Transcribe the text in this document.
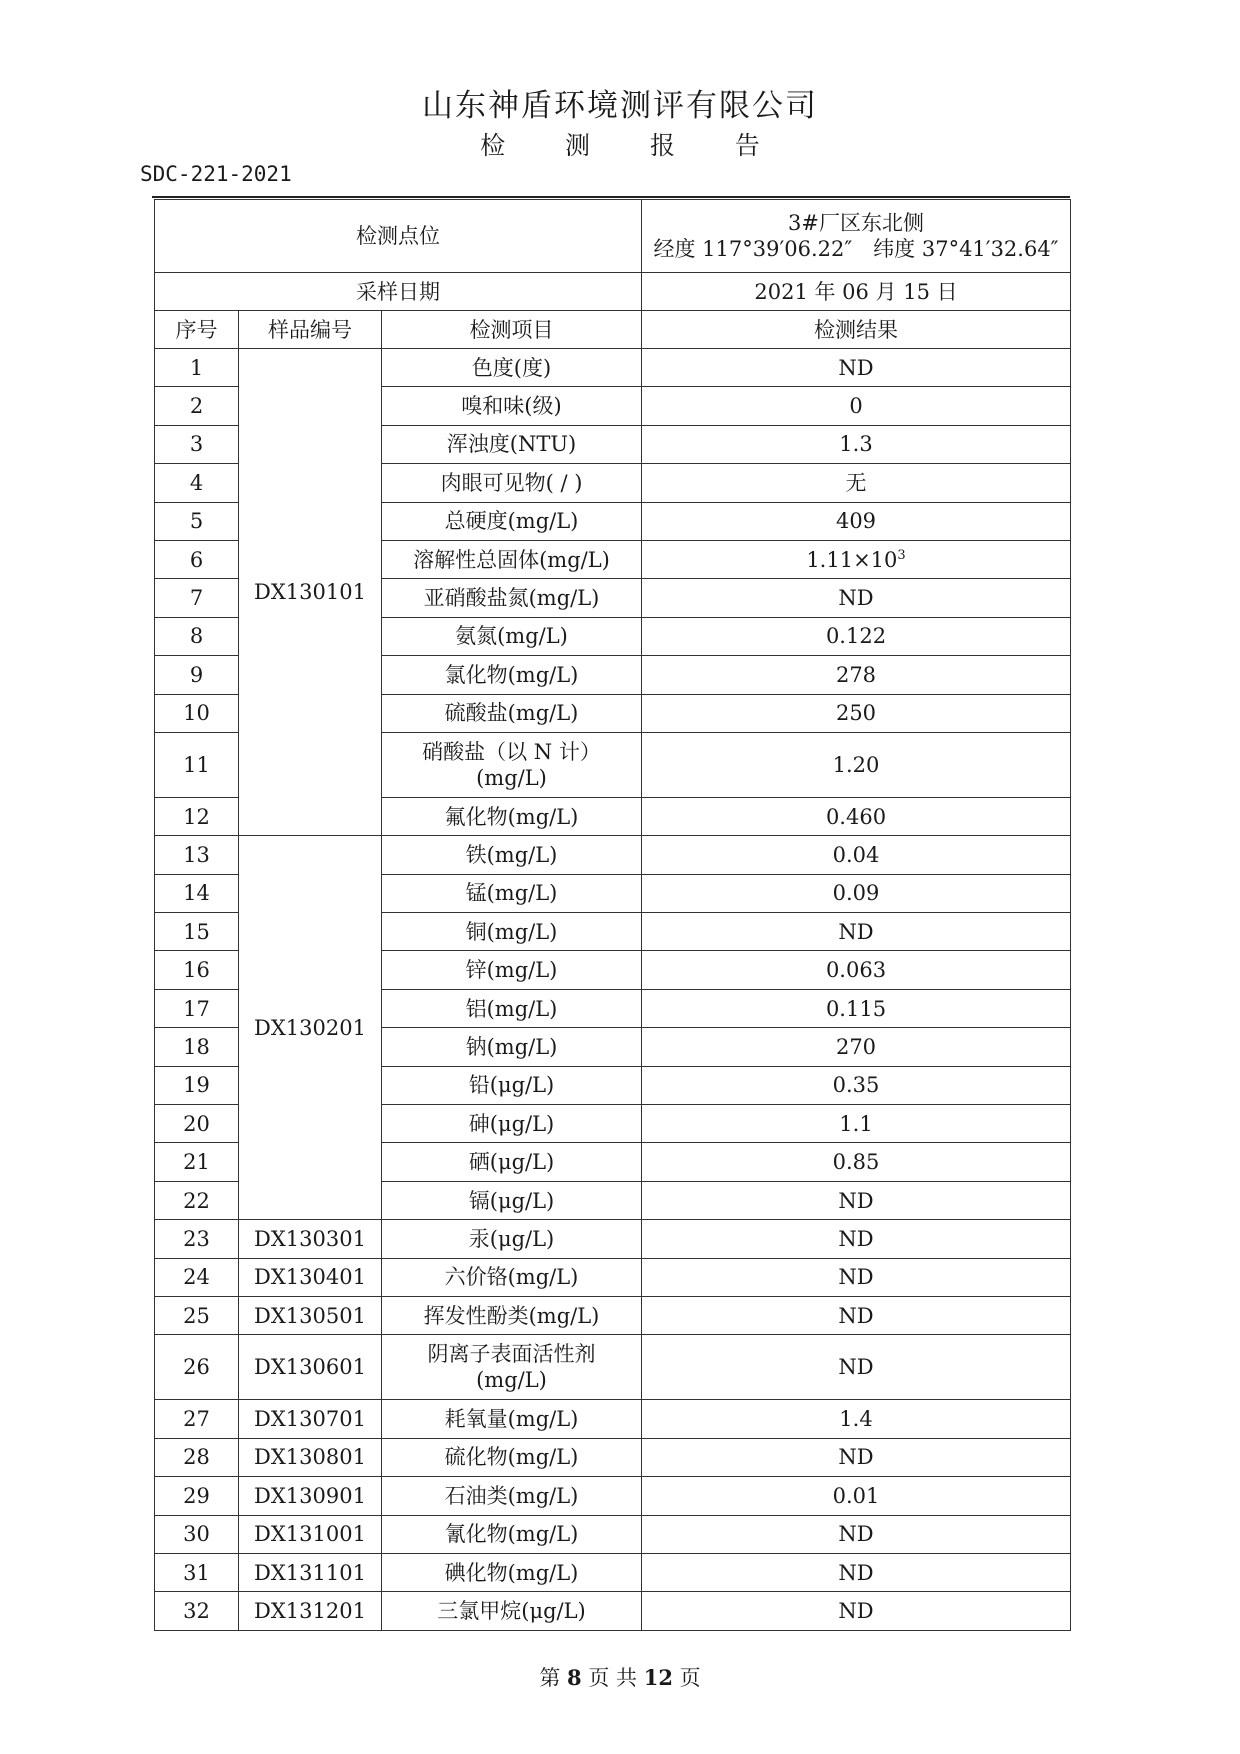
山东神盾环境测评有限公司
检 测 报 告
SDC-221-2021
检测点位			3#厂区东北侧
经度 117°39′06.22″　纬度 37°41′32.64″

采样日期			2021 年 06 月 15 日
序号	样品编号	检测项目	检测结果
1	DX130101	色度(度)	ND
2		嗅和味(级)	0
3		浑浊度(NTU)	1.3
4		肉眼可见物( / )	无
5		总硬度(mg/L)	409
6		溶解性总固体(mg/L)	$1.11\times 10^3$
7		亚硝酸盐氮(mg/L)	ND
8		氨氮(mg/L)	0.122
9		氯化物(mg/L)	278
10		硫酸盐(mg/L)	250
11		硝酸盐（以 N 计）
(mg/L)	1.20
12		氟化物(mg/L)	0.460
13	DX130201	铁(mg/L)	0.04
14		锰(mg/L)	0.09
15		铜(mg/L)	ND
16		锌(mg/L)	0.063
17		铝(mg/L)	0.115
18		钠(mg/L)	270
19		铅(μg/L)	0.35
20		砷(μg/L)	1.1
21		硒(μg/L)	0.85
22		镉(μg/L)	ND
23	DX130301	汞(μg/L)	ND
24	DX130401	六价铬(mg/L)	ND
25	DX130501	挥发性酚类(mg/L)	ND
26	DX130601	阴离子表面活性剂
(mg/L)	ND
27	DX130701	耗氧量(mg/L)	1.4
28	DX130801	硫化物(mg/L)	ND
29	DX130901	石油类(mg/L)	0.01
30	DX131001	氰化物(mg/L)	ND
31	DX131101	碘化物(mg/L)	ND
32	DX131201	三氯甲烷(μg/L)	ND
第 8 页 共 12 页
